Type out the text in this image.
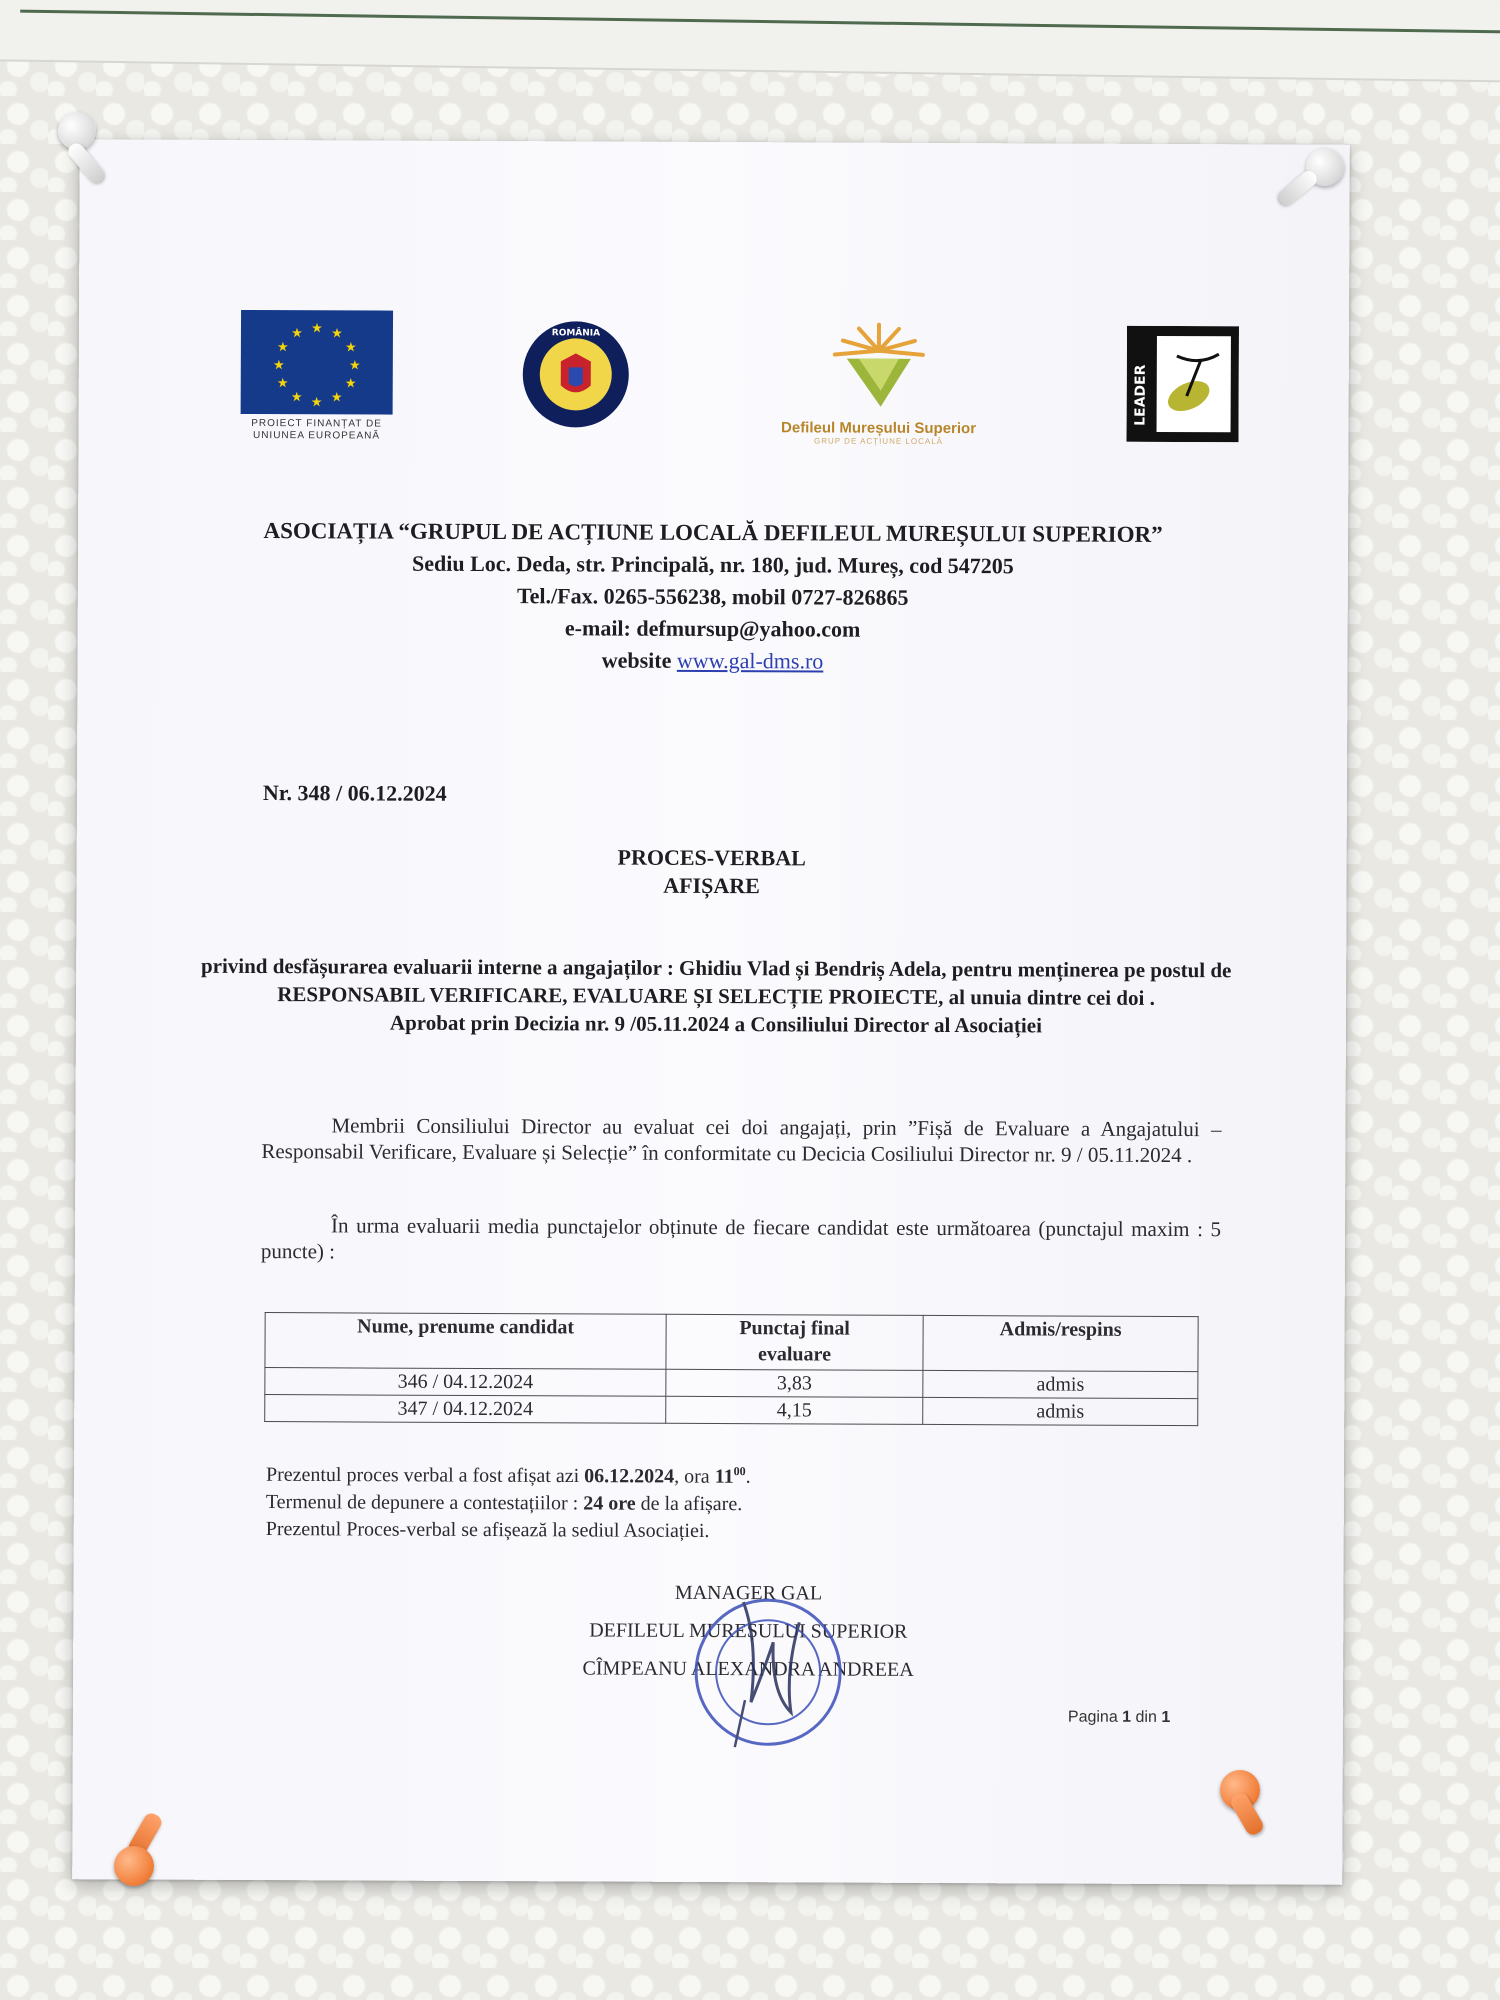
★ ★
★
★
★
★
★
★
★
★
★
★
PROIECT FINANȚAT DE
UNIUNEA EUROPEANĂ
ROMÂNIA
Defileul Mureșului Superior
GRUP DE ACȚIUNE LOCALĂ
LEADER
ASOCIAȚIA “GRUPUL DE ACȚIUNE LOCALĂ DEFILEUL MUREȘULUI SUPERIOR”
Sediu Loc. Deda, str. Principală, nr. 180, jud. Mureș, cod 547205
Tel./Fax. 0265-556238, mobil 0727-826865
e-mail: defmursup@yahoo.com
website www.gal-dms.ro
Nr. 348 / 06.12.2024
PROCES-VERBAL
AFIȘARE
privind desfășurarea evaluarii interne a angajaților : Ghidiu Vlad și Bendriș Adela, pentru menținerea pe postul de RESPONSABIL VERIFICARE, EVALUARE ȘI SELECȚIE PROIECTE, al unuia dintre cei doi .
Aprobat prin Decizia nr. 9 /05.11.2024 a Consiliului Director al Asociației
Membrii Consiliului Director au evaluat cei doi angajați, prin ”Fișă de Evaluare a Angajatului – Responsabil Verificare, Evaluare și Selecție” în conformitate cu Decicia Cosiliului Director nr. 9 / 05.11.2024 .
În urma evaluarii media punctajelor obținute de fiecare candidat este următoarea (punctajul maxim : 5 puncte) :
Nume, prenume candidat	Punctaj final evaluare	Admis/respins
346 / 04.12.2024	3,83	admis
347 / 04.12.2024	4,15	admis
Prezentul proces verbal a fost afișat azi 06.12.2024, ora $11^{00}$.
Termenul de depunere a contestațiilor : 24 ore de la afișare.
Prezentul Proces-verbal se afișează la sediul Asociației.
MANAGER GAL
DEFILEUL MUREȘULUI SUPERIOR
CÎMPEANU ALEXANDRA ANDREEA
Pagina 1 din 1
